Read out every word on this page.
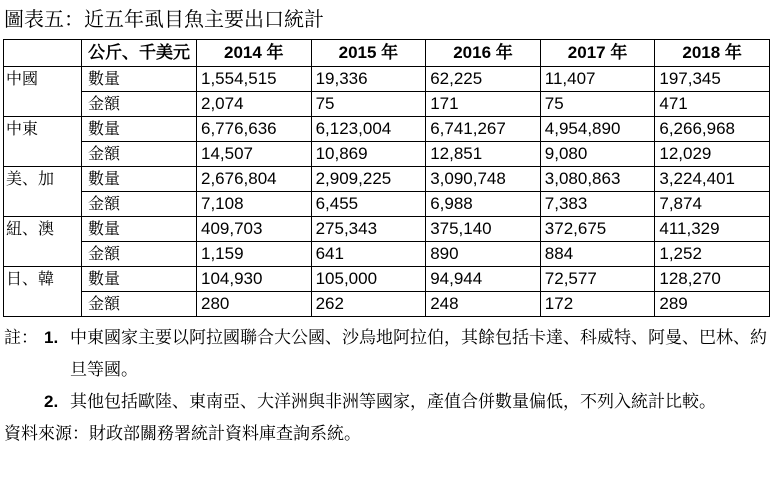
圖表五：近五年虱目魚主要出口統計
	公斤、千美元	2014 年	2015 年	2016 年	2017 年	2018 年
中國	數量	1,554,515	19,336	62,225	11,407	197,345
	金額	2,074	75	171	75	471
中東	數量	6,776,636	6,123,004	6,741,267	4,954,890	6,266,968
	金額	14,507	10,869	12,851	9,080	12,029
美、加	數量	2,676,804	2,909,225	3,090,748	3,080,863	3,224,401
	金額	7,108	6,455	6,988	7,383	7,874
紐、澳	數量	409,703	275,343	375,140	372,675	411,329
	金額	1,159	641	890	884	1,252
日、韓	數量	104,930	105,000	94,944	72,577	128,270
	金額	280	262	248	172	289
註： 1. 中東國家主要以阿拉國聯合大公國、沙烏地阿拉伯，其餘包括卡達、科威特、阿曼、巴林、約旦等國。
2. 其他包括歐陸、東南亞、大洋洲與非洲等國家，產值合併數量偏低，不列入統計比較。
資料來源：財政部關務署統計資料庫查詢系統。
